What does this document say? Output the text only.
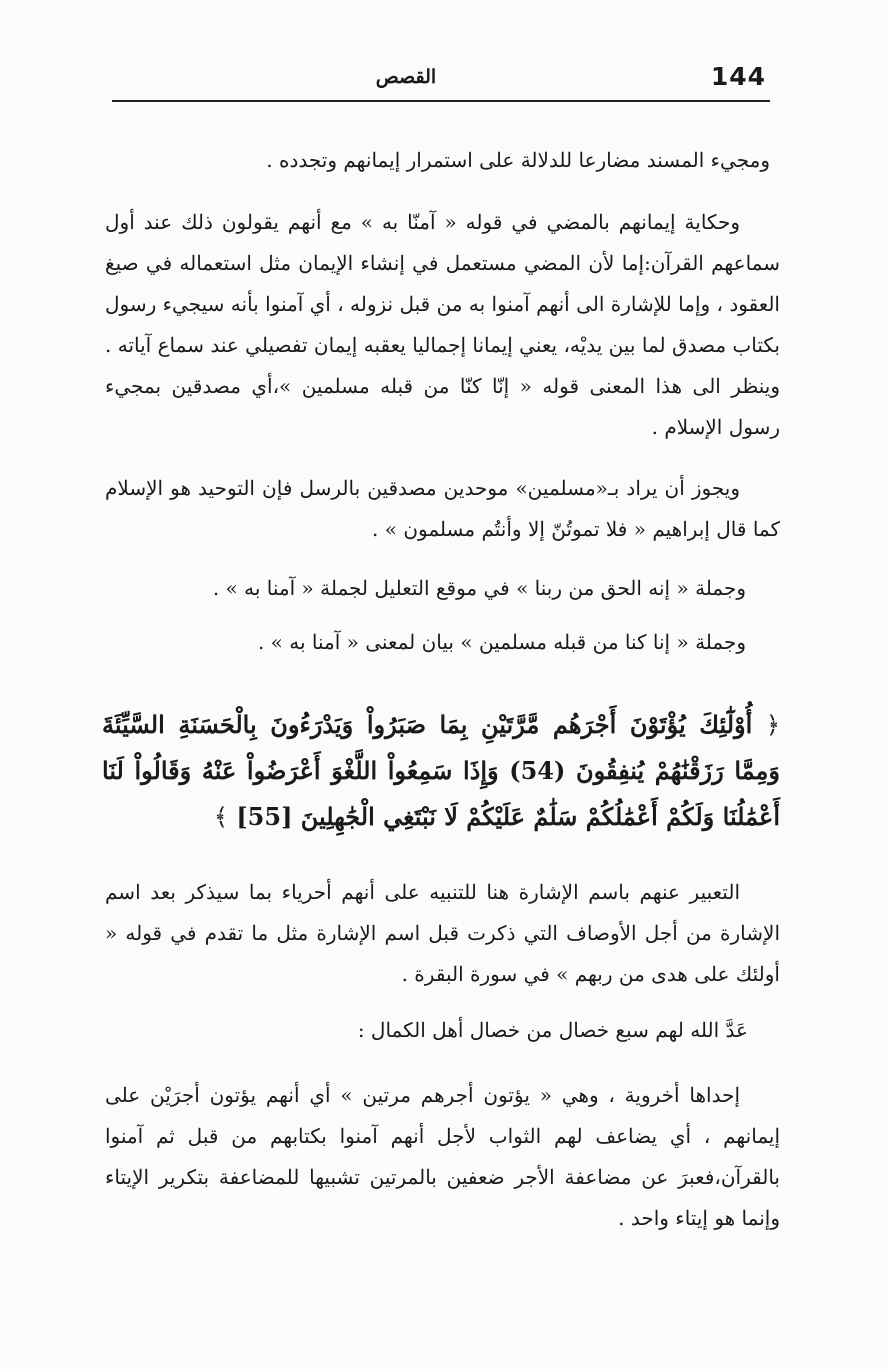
144
القصص

ومجيء المسند مضارعا للدلالة على استمرار إيمانهم وتجدده .

وحكاية إيمانهم بالمضي في قوله « آمنّا به » مع أنهم يقولون ذلك عند أول سماعهم القرآن:إما لأن المضي مستعمل في إنشاء الإيمان مثل استعماله في صيغ العقود ، وإما للإشارة الى أنهم آمنوا به من قبل نزوله ، أي آمنوا بأنه سيجيء رسول بكتاب مصدق لما بين يديْه، يعني إيمانا إجماليا يعقبه إيمان تفصيلي عند سماع آياته . وينظر الى هذا المعنى قوله « إنّا كنّا من قبله مسلمين »،أي مصدقين بمجيء رسول الإسلام .

ويجوز أن يراد بـ«مسلمين» موحدين مصدقين بالرسل فإن التوحيد هو الإسلام كما قال إبراهيم « فلا تموتُنّ إلا وأنتُم مسلمون » .

وجملة « إنه الحق من ربنا » في موقع التعليل لجملة « آمنا به » .

وجملة « إنا كنا من قبله مسلمين » بيان لمعنى « آمنا به » .

﴿ أُوْلَٰٓئِكَ يُؤْتَوْنَ أَجْرَهُم مَّرَّتَيْنِ بِمَا صَبَرُواْ وَيَدْرَءُونَ بِالْحَسَنَةِ السَّيِّئَةَ وَمِمَّا رَزَقْنَٰهُمْ يُنفِقُونَ (54) وَإِذَا سَمِعُواْ اللَّغْوَ أَعْرَضُواْ عَنْهُ وَقَالُواْ لَنَا أَعْمَٰلُنَا وَلَكُمْ أَعْمَٰلُكُمْ سَلَٰمٌ عَلَيْكُمْ لَا نَبْتَغِي الْجَٰهِلِينَ [55] ﴾

التعبير عنهم باسم الإشارة هنا للتنبيه على أنهم أحرياء بما سيذكر بعد اسم الإشارة من أجل الأوصاف التي ذكرت قبل اسم الإشارة مثل ما تقدم في قوله « أولئك على هدى من ربهم » في سورة البقرة .

عَدَّ الله لهم سبع خصال من خصال أهل الكمال :

إحداها أخروية ، وهي « يؤتون أجرهم مرتين » أي أنهم يؤتون أجرَيْن على إيمانهم ، أي يضاعف لهم الثواب لأجل أنهم آمنوا بكتابهم من قبل ثم آمنوا بالقرآن،فعبرَ عن مضاعفة الأجر ضعفين بالمرتين تشبيها للمضاعفة بتكرير الإيتاء وإنما هو إيتاء واحد .
